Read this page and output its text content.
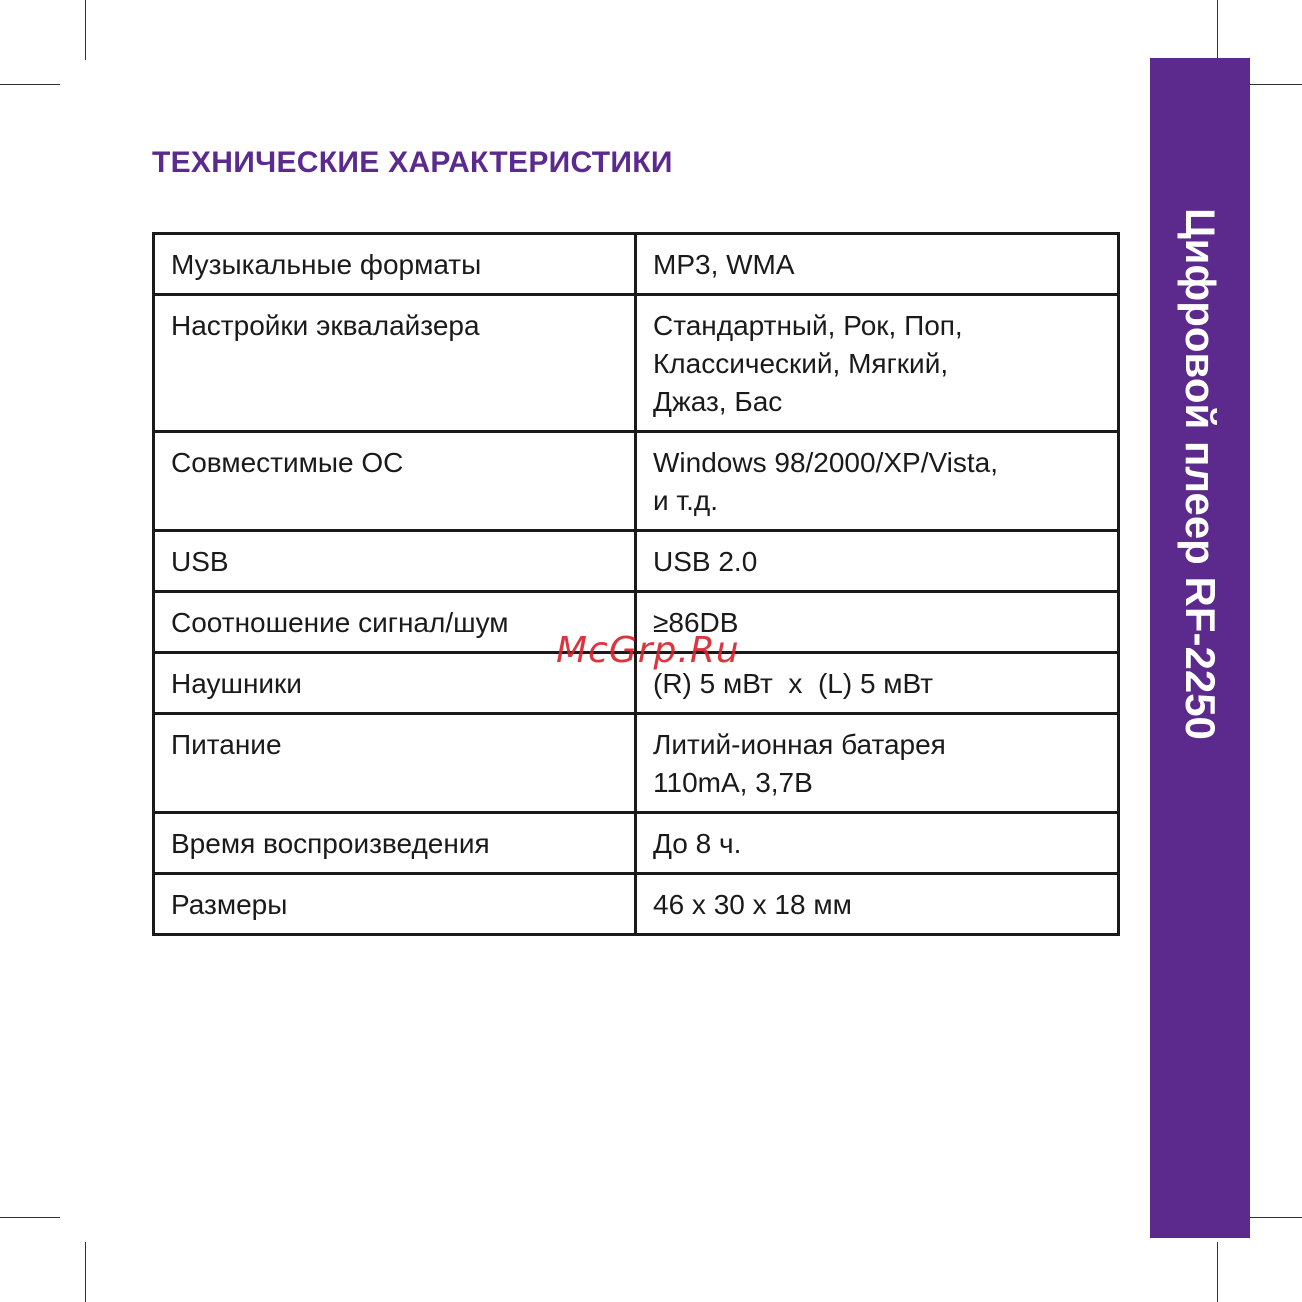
ТЕХНИЧЕСКИЕ ХАРАКТЕРИСТИКИ
Музыкальные форматы	MP3, WMA

Настройки эквалайзера	Стандартный, Рок, Поп,
Классический, Мягкий,
Джаз, Бас

Совместимые ОС	Windows 98/2000/XP/Vista,
и т.д.

USB	USB 2.0

Соотношение сигнал/шум	≥86DB

Наушники	(R) 5 мВт  x  (L) 5 мВт

Питание	Литий-ионная батарея
110mA, 3,7B

Время воспроизведения	До 8 ч.

Размеры	46 x 30 x 18 мм
Цифровой плеер RF-2250
McGrp.Ru
